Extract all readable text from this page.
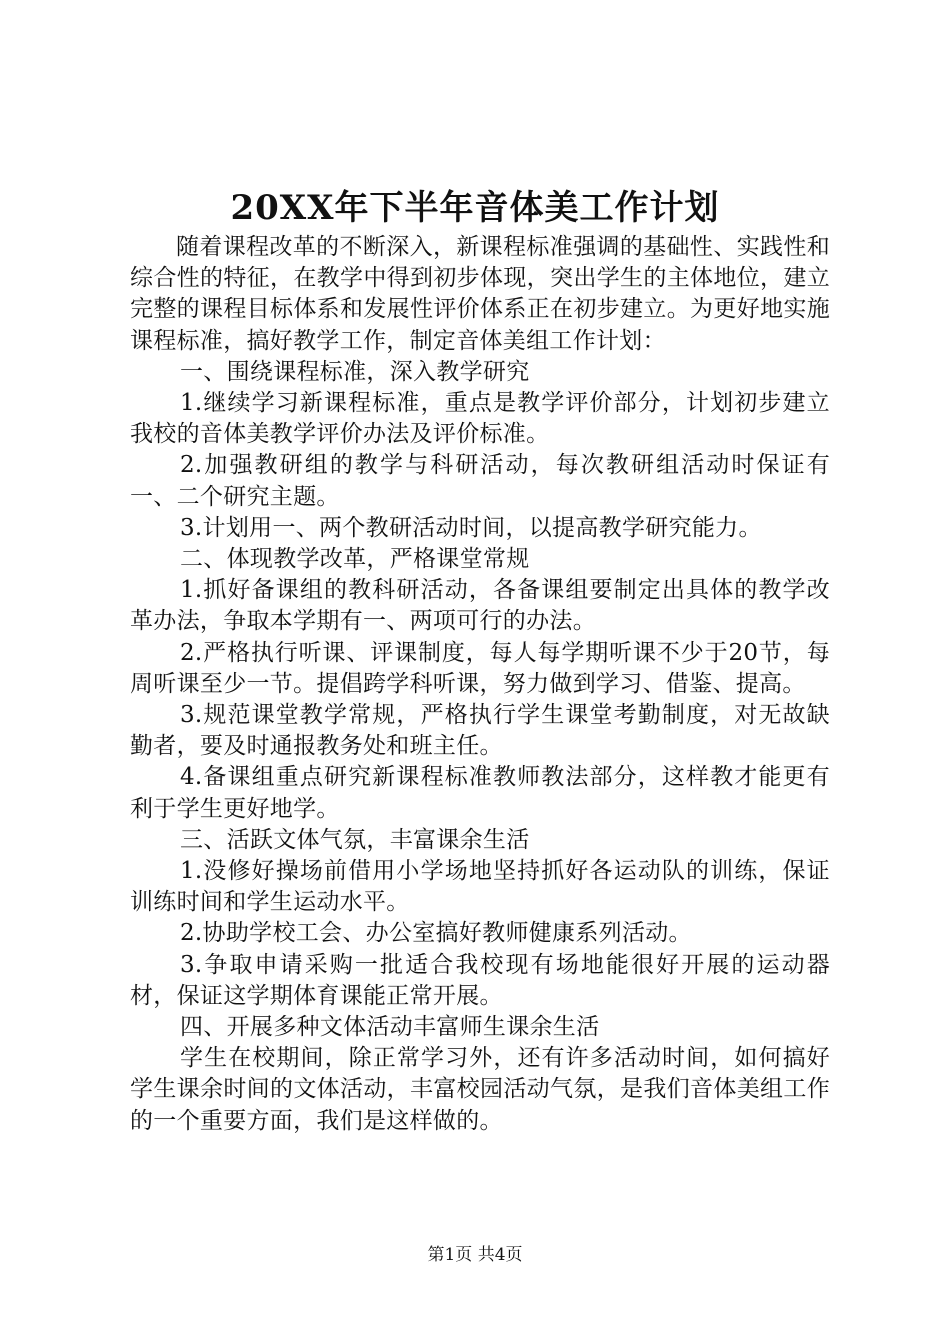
20XX年下半年音体美工作计划

随着课程改革的不断深入，新课程标准强调的基础性、实践性和综合性的特征，在教学中得到初步体现，突出学生的主体地位，建立完整的课程目标体系和发展性评价体系正在初步建立。为更好地实施课程标准，搞好教学工作，制定音体美组工作计划：

一、围绕课程标准，深入教学研究

1.继续学习新课程标准，重点是教学评价部分，计划初步建立我校的音体美教学评价办法及评价标准。

2.加强教研组的教学与科研活动，每次教研组活动时保证有一、二个研究主题。

3.计划用一、两个教研活动时间，以提高教学研究能力。

二、体现教学改革，严格课堂常规

1.抓好备课组的教科研活动，各备课组要制定出具体的教学改革办法，争取本学期有一、两项可行的办法。

2.严格执行听课、评课制度，每人每学期听课不少于20节，每周听课至少一节。提倡跨学科听课，努力做到学习、借鉴、提高。

3.规范课堂教学常规，严格执行学生课堂考勤制度，对无故缺勤者，要及时通报教务处和班主任。

4.备课组重点研究新课程标准教师教法部分，这样教才能更有利于学生更好地学。

三、活跃文体气氛，丰富课余生活

1.没修好操场前借用小学场地坚持抓好各运动队的训练，保证训练时间和学生运动水平。

2.协助学校工会、办公室搞好教师健康系列活动。

3.争取申请采购一批适合我校现有场地能很好开展的运动器材，保证这学期体育课能正常开展。

四、开展多种文体活动丰富师生课余生活

学生在校期间，除正常学习外，还有许多活动时间，如何搞好学生课余时间的文体活动，丰富校园活动气氛，是我们音体美组工作的一个重要方面，我们是这样做的。

第1页 共4页
